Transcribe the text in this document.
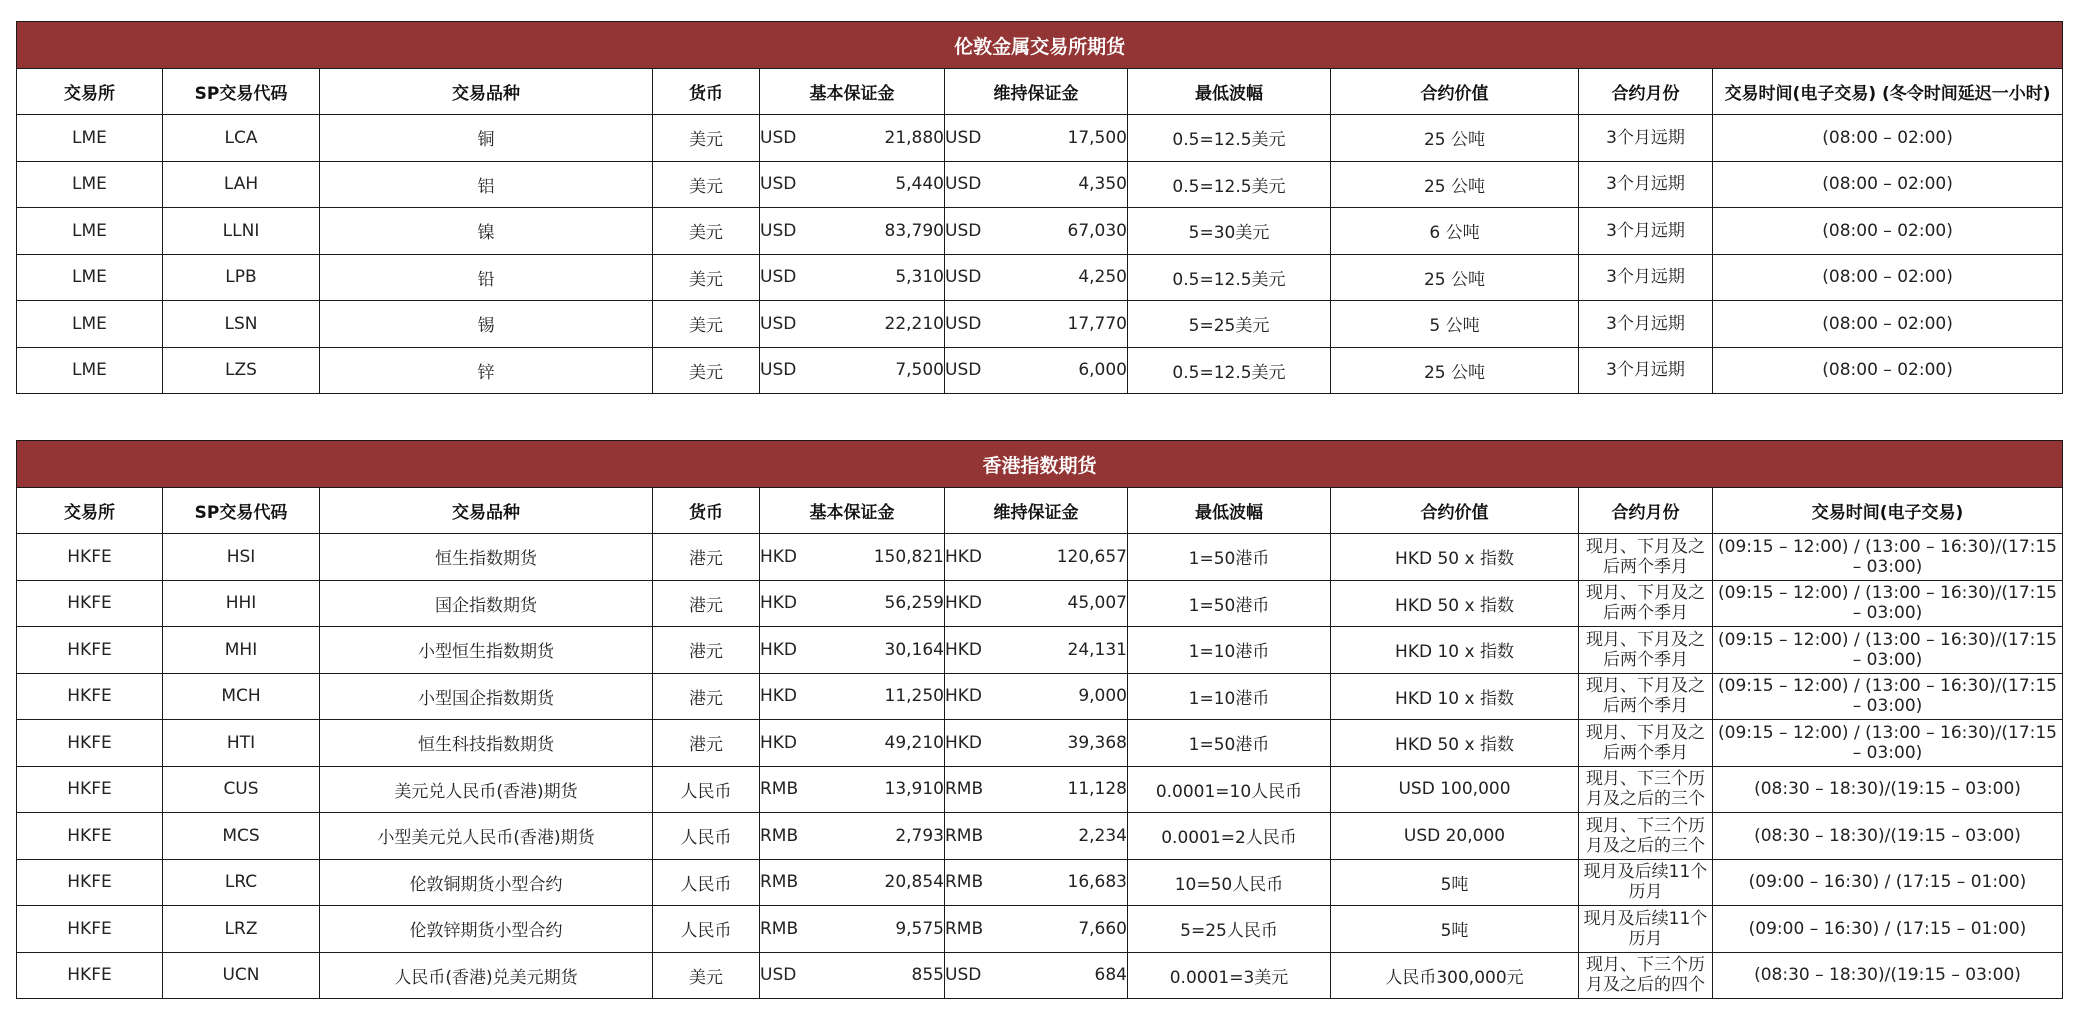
伦敦金属交易所期货									
交易所	SP交易代码	交易品种	货币	基本保证金	维持保证金	最低波幅	合约价值	合约月份	交易时间(电子交易) (冬令时间延迟一小时)

LME	LCA	铜	美元	USD 21,880	USD 17,500	0.5=12.5美元	25 公吨	3个月远期	(08:00 – 02:00)

LME	LAH	铝	美元	USD 5,440	USD 4,350	0.5=12.5美元	25 公吨	3个月远期	(08:00 – 02:00)

LME	LLNI	镍	美元	USD 83,790	USD 67,030	5=30美元	6 公吨	3个月远期	(08:00 – 02:00)

LME	LPB	铅	美元	USD 5,310	USD 4,250	0.5=12.5美元	25 公吨	3个月远期	(08:00 – 02:00)

LME	LSN	锡	美元	USD 22,210	USD 17,770	5=25美元	5 公吨	3个月远期	(08:00 – 02:00)

LME	LZS	锌	美元	USD 7,500	USD 6,000	0.5=12.5美元	25 公吨	3个月远期	(08:00 – 02:00)
香港指数期货									
交易所	SP交易代码	交易品种	货币	基本保证金	维持保证金	最低波幅	合约价值	合约月份	交易时间(电子交易)

HKFE	HSI	恒生指数期货	港元	HKD 150,821	HKD 120,657	1=50港币	HKD 50 x 指数	现月、下月及之后两个季月	(09:15 – 12:00) / (13:00 – 16:30)/(17:15 – 03:00)

HKFE	HHI	国企指数期货	港元	HKD 56,259	HKD 45,007	1=50港币	HKD 50 x 指数	现月、下月及之后两个季月	(09:15 – 12:00) / (13:00 – 16:30)/(17:15 – 03:00)

HKFE	MHI	小型恒生指数期货	港元	HKD 30,164	HKD 24,131	1=10港币	HKD 10 x 指数	现月、下月及之后两个季月	(09:15 – 12:00) / (13:00 – 16:30)/(17:15 – 03:00)

HKFE	MCH	小型国企指数期货	港元	HKD 11,250	HKD 9,000	1=10港币	HKD 10 x 指数	现月、下月及之后两个季月	(09:15 – 12:00) / (13:00 – 16:30)/(17:15 – 03:00)

HKFE	HTI	恒生科技指数期货	港元	HKD 49,210	HKD 39,368	1=50港币	HKD 50 x 指数	现月、下月及之后两个季月	(09:15 – 12:00) / (13:00 – 16:30)/(17:15 – 03:00)

HKFE	CUS	美元兑人民币(香港)期货	人民币	RMB 13,910	RMB 11,128	0.0001=10人民币	USD 100,000	现月、下三个历月及之后的三个	(08:30 – 18:30)/(19:15 – 03:00)

HKFE	MCS	小型美元兑人民币(香港)期货	人民币	RMB 2,793	RMB 2,234	0.0001=2人民币	USD 20,000	现月、下三个历月及之后的三个	(08:30 – 18:30)/(19:15 – 03:00)

HKFE	LRC	伦敦铜期货小型合约	人民币	RMB 20,854	RMB 16,683	10=50人民币	5吨	现月及后续11个历月	(09:00 – 16:30) / (17:15 – 01:00)

HKFE	LRZ	伦敦锌期货小型合约	人民币	RMB 9,575	RMB 7,660	5=25人民币	5吨	现月及后续11个历月	(09:00 – 16:30) / (17:15 – 01:00)

HKFE	UCN	人民币(香港)兑美元期货	美元	USD 855	USD 684	0.0001=3美元	人民币300,000元	现月、下三个历月及之后的四个	(08:30 – 18:30)/(19:15 – 03:00)
